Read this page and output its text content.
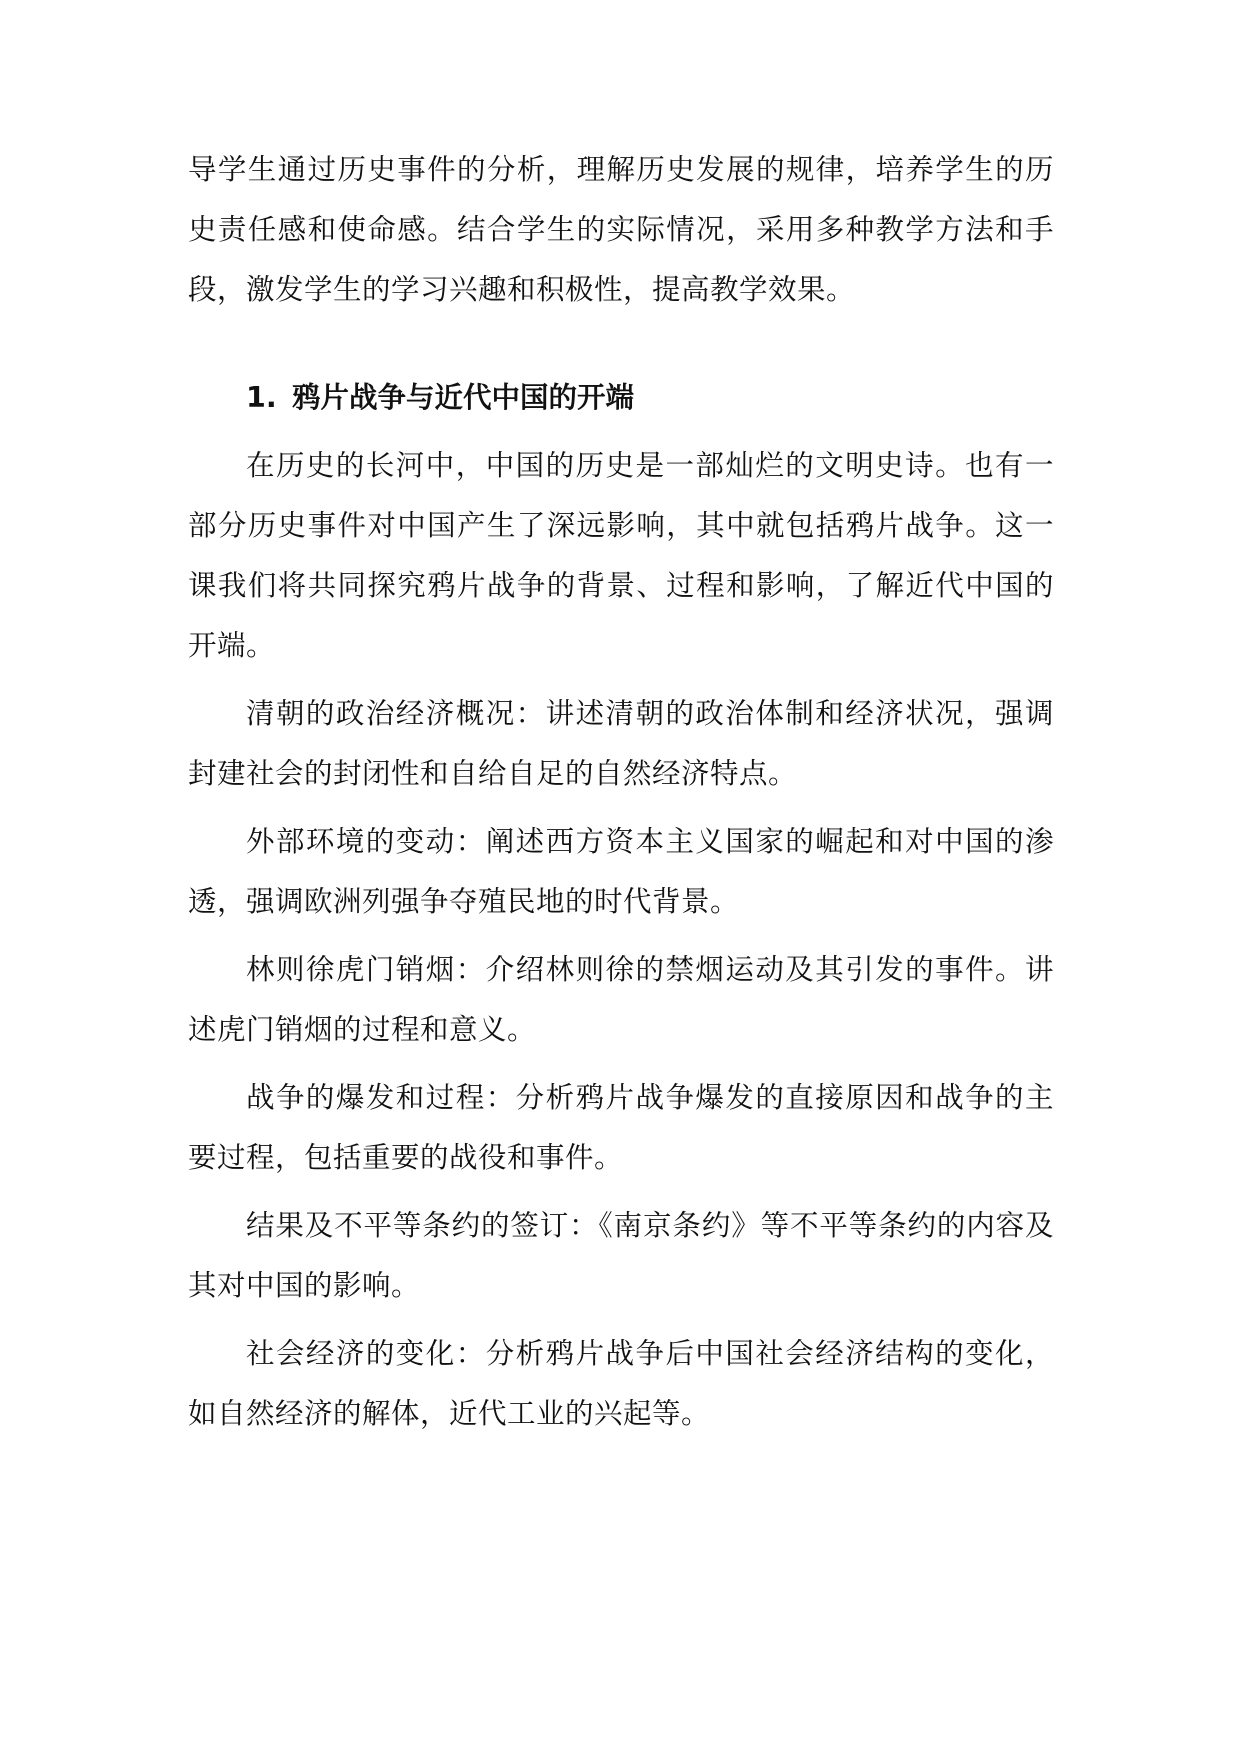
导学生通过历史事件的分析，理解历史发展的规律，培养学生的历史责任感和使命感。结合学生的实际情况，采用多种教学方法和手段，激发学生的学习兴趣和积极性，提高教学效果。

1. 鸦片战争与近代中国的开端

在历史的长河中，中国的历史是一部灿烂的文明史诗。也有一部分历史事件对中国产生了深远影响，其中就包括鸦片战争。这一课我们将共同探究鸦片战争的背景、过程和影响，了解近代中国的开端。

清朝的政治经济概况：讲述清朝的政治体制和经济状况，强调封建社会的封闭性和自给自足的自然经济特点。

外部环境的变动：阐述西方资本主义国家的崛起和对中国的渗透，强调欧洲列强争夺殖民地的时代背景。

林则徐虎门销烟：介绍林则徐的禁烟运动及其引发的事件。讲述虎门销烟的过程和意义。

战争的爆发和过程：分析鸦片战争爆发的直接原因和战争的主要过程，包括重要的战役和事件。

结果及不平等条约的签订：《南京条约》等不平等条约的内容及其对中国的影响。

社会经济的变化：分析鸦片战争后中国社会经济结构的变化，如自然经济的解体，近代工业的兴起等。
